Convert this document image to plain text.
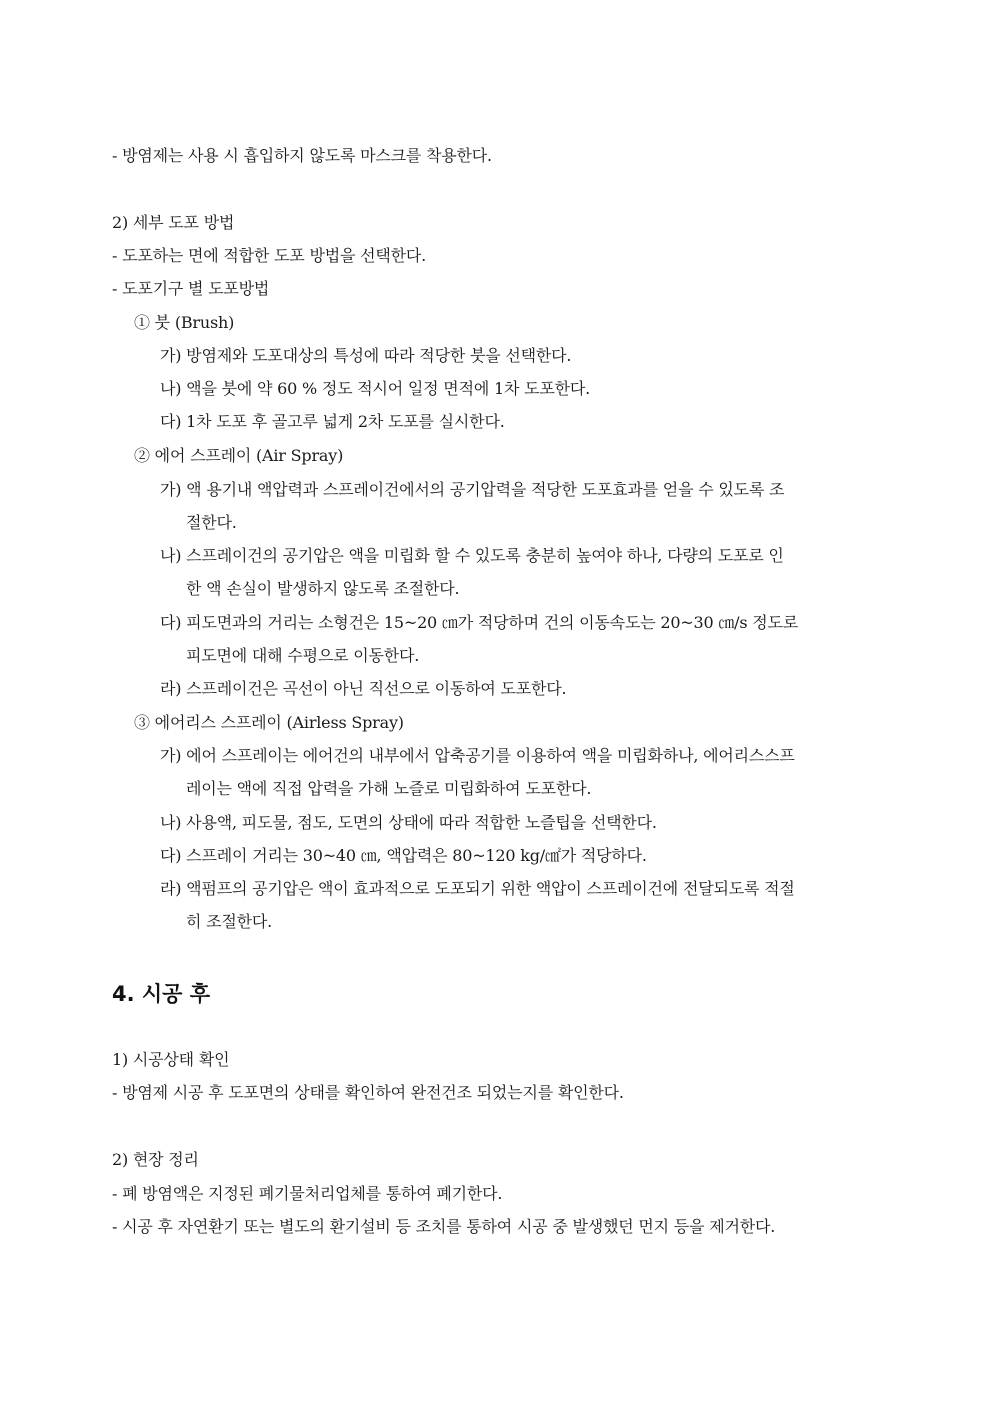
- 방염제는 사용 시 흡입하지 않도록 마스크를 착용한다.
2) 세부 도포 방법
- 도포하는 면에 적합한 도포 방법을 선택한다.
- 도포기구 별 도포방법
① 붓 (Brush)
가) 방염제와 도포대상의 특성에 따라 적당한 붓을 선택한다.
나) 액을 붓에 약 60 % 정도 적시어 일정 면적에 1차 도포한다.
다) 1차 도포 후 골고루 넓게 2차 도포를 실시한다.
② 에어 스프레이 (Air Spray)
가) 액 용기내 액압력과 스프레이건에서의 공기압력을 적당한 도포효과를 얻을 수 있도록 조
절한다.
나) 스프레이건의 공기압은 액을 미립화 할 수 있도록 충분히 높여야 하나, 다량의 도포로 인
한 액 손실이 발생하지 않도록 조절한다.
다) 피도면과의 거리는 소형건은 15~20 ㎝가 적당하며 건의 이동속도는 20~30 ㎝/s 정도로
피도면에 대해 수평으로 이동한다.
라) 스프레이건은 곡선이 아닌 직선으로 이동하여 도포한다.
③ 에어리스 스프레이 (Airless Spray)
가) 에어 스프레이는 에어건의 내부에서 압축공기를 이용하여 액을 미립화하나, 에어리스스프
레이는 액에 직접 압력을 가해 노즐로 미립화하여 도포한다.
나) 사용액, 피도물, 점도, 도면의 상태에 따라 적합한 노즐팁을 선택한다.
다) 스프레이 거리는 30~40 ㎝, 액압력은 80~120 kg/㎠가 적당하다.
라) 액펌프의 공기압은 액이 효과적으로 도포되기 위한 액압이 스프레이건에 전달되도록 적절
히 조절한다.
4. 시공 후
1) 시공상태 확인
- 방염제 시공 후 도포면의 상태를 확인하여 완전건조 되었는지를 확인한다.
2) 현장 정리
- 폐 방염액은 지정된 폐기물처리업체를 통하여 폐기한다.
- 시공 후 자연환기 또는 별도의 환기설비 등 조치를 통하여 시공 중 발생했던 먼지 등을 제거한다.
